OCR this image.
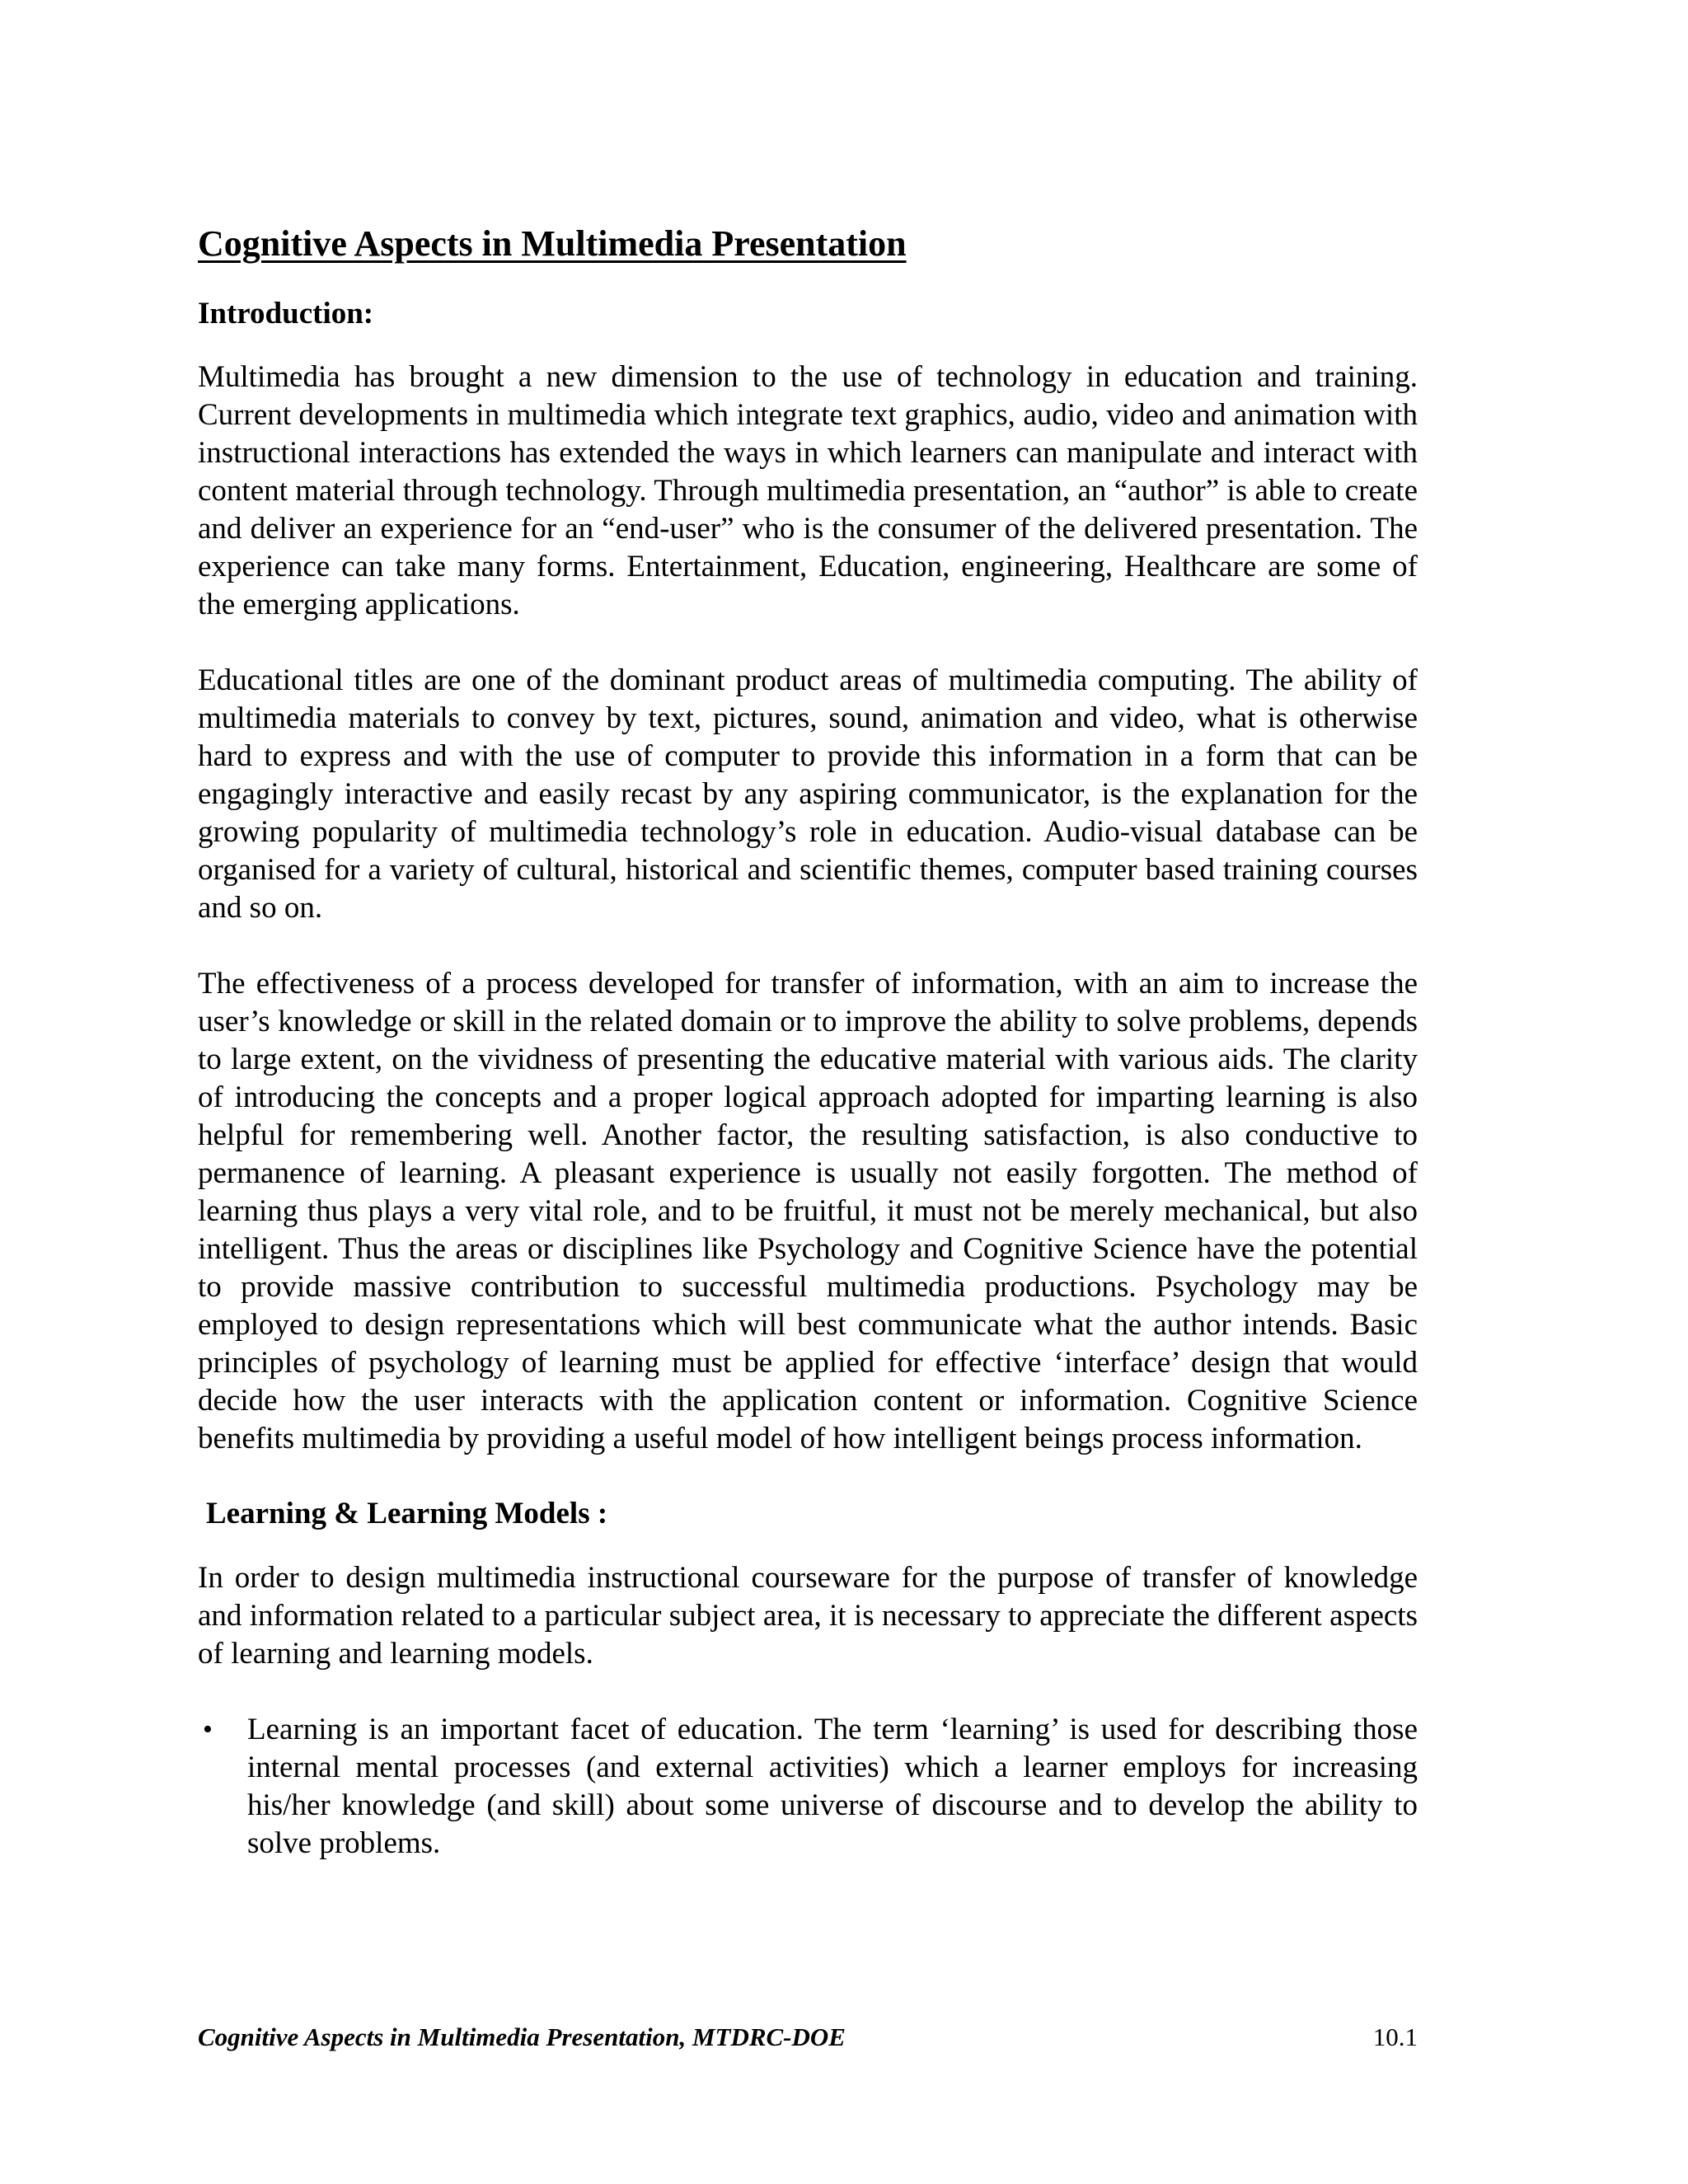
Cognitive Aspects in Multimedia Presentation
Introduction:

Multimedia has brought a new dimension to the use of technology in education and training. Current developments in multimedia which integrate text graphics, audio, video and animation with instructional interactions has extended the ways in which learners can manipulate and interact with content material through technology. Through multimedia presentation, an “author” is able to create and deliver an experience for an “end-user” who is the consumer of the delivered presentation. The experience can take many forms. Entertainment, Education, engineering, Healthcare are some of the emerging applications.

Educational titles are one of the dominant product areas of multimedia computing. The ability of multimedia materials to convey by text, pictures, sound, animation and video, what is otherwise hard to express and with the use of computer to provide this information in a form that can be engagingly interactive and easily recast by any aspiring communicator, is the explanation for the growing popularity of multimedia technology’s role in education. Audio-visual database can be organised for a variety of cultural, historical and scientific themes, computer based training courses and so on.

The effectiveness of a process developed for transfer of information, with an aim to increase the user’s knowledge or skill in the related domain or to improve the ability to solve problems, depends to large extent, on the vividness of presenting the educative material with various aids. The clarity of introducing the concepts and a proper logical approach adopted for imparting learning is also helpful for remembering well. Another factor, the resulting satisfaction, is also conductive to permanence of learning. A pleasant experience is usually not easily forgotten. The method of learning thus plays a very vital role, and to be fruitful, it must not be merely mechanical, but also intelligent. Thus the areas or disciplines like Psychology and Cognitive Science have the potential to provide massive contribution to successful multimedia productions. Psychology may be employed to design representations which will best communicate what the author intends. Basic principles of psychology of learning must be applied for effective ‘interface’ design that would decide how the user interacts with the application content or information. Cognitive Science benefits multimedia by providing a useful model of how intelligent beings process information.

Learning & Learning Models :

In order to design multimedia instructional courseware for the purpose of transfer of knowledge and information related to a particular subject area, it is necessary to appreciate the different aspects of learning and learning models.

• Learning is an important facet of education. The term ‘learning’ is used for describing those internal mental processes (and external activities) which a learner employs for increasing his/her knowledge (and skill) about some universe of discourse and to develop the ability to solve problems.
Cognitive Aspects in Multimedia Presentation, MTDRC-DOE	10.1
